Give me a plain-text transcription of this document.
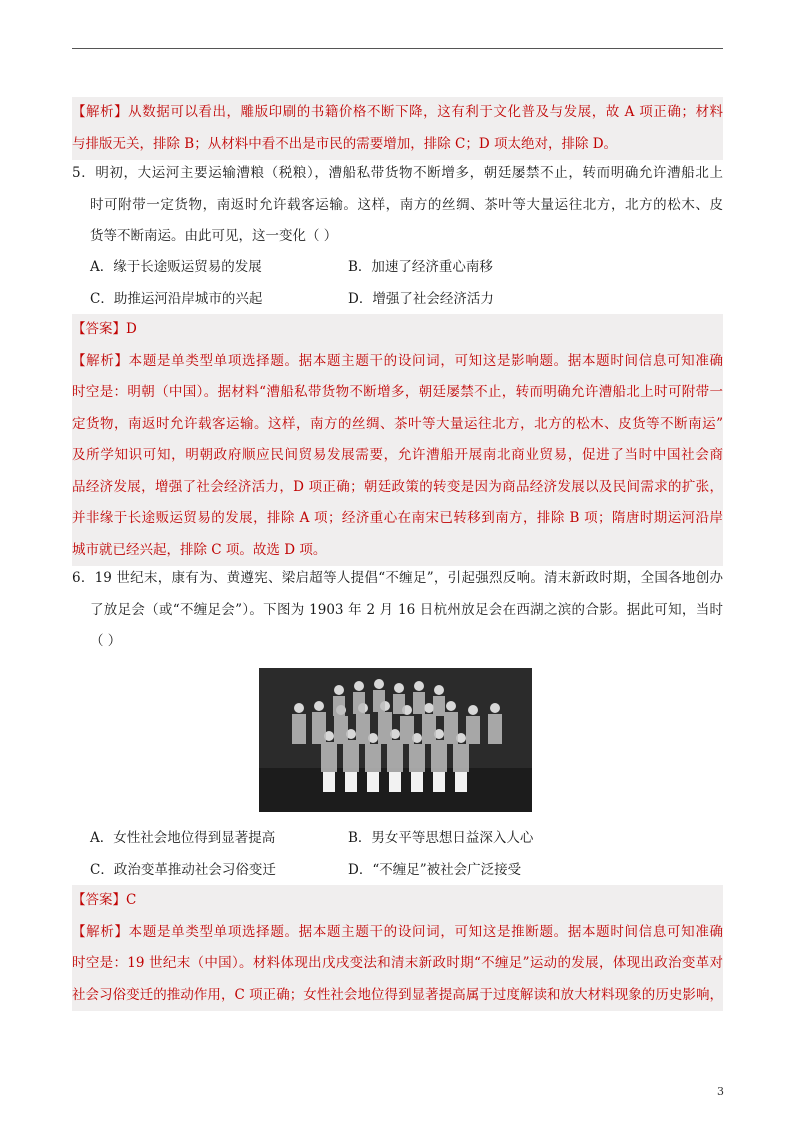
【解析】从数据可以看出，雕版印刷的书籍价格不断下降，这有利于文化普及与发展，故 A 项正确；材料
与排版无关，排除 B；从材料中看不出是市民的需要增加，排除 C；D 项太绝对，排除 D。
5．明初，大运河主要运输漕粮（税粮），漕船私带货物不断增多，朝廷屡禁不止，转而明确允许漕船北上
时可附带一定货物，南返时允许载客运输。这样，南方的丝绸、茶叶等大量运往北方，北方的松木、皮
货等不断南运。由此可见，这一变化（ ）
A．缘于长途贩运贸易的发展	B．加速了经济重心南移
C．助推运河沿岸城市的兴起	D．增强了社会经济活力
【答案】D
【解析】本题是单类型单项选择题。据本题主题干的设问词，可知这是影响题。据本题时间信息可知准确
时空是：明朝（中国）。据材料“漕船私带货物不断增多，朝廷屡禁不止，转而明确允许漕船北上时可附带一
定货物，南返时允许载客运输。这样，南方的丝绸、茶叶等大量运往北方，北方的松木、皮货等不断南运”
及所学知识可知，明朝政府顺应民间贸易发展需要，允许漕船开展南北商业贸易，促进了当时中国社会商
品经济发展，增强了社会经济活力，D 项正确；朝廷政策的转变是因为商品经济发展以及民间需求的扩张，
并非缘于长途贩运贸易的发展，排除 A 项；经济重心在南宋已转移到南方，排除 B 项；隋唐时期运河沿岸
城市就已经兴起，排除 C 项。故选 D 项。
6．19 世纪末，康有为、黄遵宪、梁启超等人提倡“不缠足”，引起强烈反响。清末新政时期，全国各地创办
了放足会（或“不缠足会”）。下图为 1903 年 2 月 16 日杭州放足会在西湖之滨的合影。据此可知，当时
（ ）
A．女性社会地位得到显著提高	B．男女平等思想日益深入人心
C．政治变革推动社会习俗变迁	D．“不缠足”被社会广泛接受
【答案】C
【解析】本题是单类型单项选择题。据本题主题干的设问词，可知这是推断题。据本题时间信息可知准确
时空是：19 世纪末（中国）。材料体现出戊戌变法和清末新政时期“不缠足”运动的发展，体现出政治变革对
社会习俗变迁的推动作用，C 项正确；女性社会地位得到显著提高属于过度解读和放大材料现象的历史影响，
3
